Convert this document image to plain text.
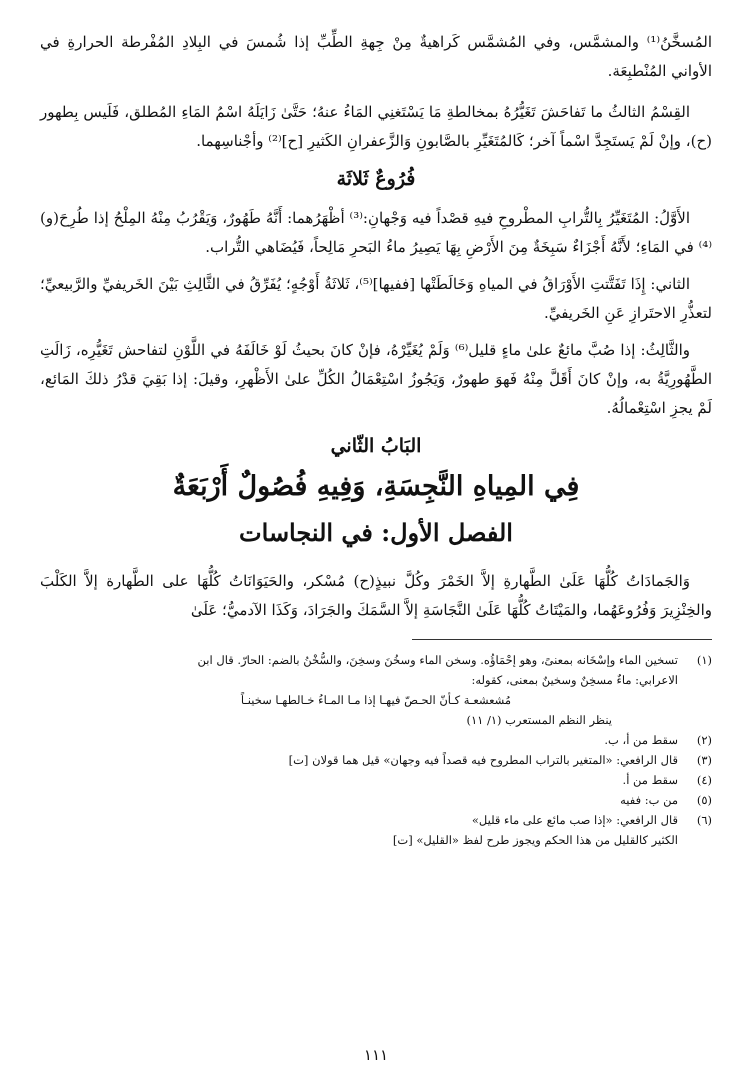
المُسخَّنُ⁽¹⁾ والمشمَّس، وفي المُشمَّس كَراهيةٌ مِنْ جِهةِ الطِّبِّ إذا شُمسَ في البِلادِ المُفْرطة الحرارةِ في الأواني المُنْطبِعَة.

القِسْمُ الثالثُ ما تَفاحَشَ تَغَيُّرُهُ بمخالطةِ مَا يَسْتَغنِي المَاءُ عنهُ؛ حَتَّىٰ زَايَلَهُ اسْمُ المَاءِ المُطلق، فَلَيس بِطهور (ح)، وإنْ لَمْ يَستَجِدَّ اسْماً آخر؛ كَالمُتَغَيِّرِ بالصَّابونِ وَالزَّعفرانِ الكَثيرِ [ح]⁽²⁾ وأجْناسِهما.

فُرُوعٌ ثَلاثَة

الأَوَّلُ: المُتَغَيِّرُ بِالتُّرابِ المطْروحِ فيهِ قصْداً فيه وَجْهانِ:⁽³⁾ أظْهَرُهما: أَنَّهُ طَهُورٌ، وَيَقْرُبُ مِنْهُ المِلْحُ إذا طُرِحَ(و)⁽⁴⁾ في المَاءِ؛ لأَنَّهُ أَجْزَاءٌ سَبِخَةٌ مِنَ الأَرْضِ بِهَا يَصِيرُ ماءُ البَحرِ مَالِحاً، فَيُضَاهي التُّراب.

الثاني: إِذَا تَفَتَّتتِ الأَوْرَاقُ في المياهِ وَخَالَطَتْها [ففيها]⁽⁵⁾، ثَلاثَةُ أَوْجُهٍ؛ يُفَرِّقُ في الثَّالِثِ بَيْنَ الخَريفيِّ والرَّبيعيِّ؛ لتعذُّرِ الاحتَرازِ عَنِ الخَريفيِّ.

والثَّالِثُ: إذا صُبَّ مائعٌ علىٰ ماءٍ قليل⁽⁶⁾ وَلَمْ يُغَيِّرْهُ، فإنْ كانَ بحيثُ لَوْ خَالَفَهُ في اللَّوْنِ لتفاحش تَغَيُّرِه، زَالَتِ الطَّهُورِيَّةُ به، وإنْ كانَ أَقَلَّ مِنْهُ فَهوَ طهورٌ، وَيَجُوزُ اسْتِعْمَالُ الكُلِّ علىٰ الأَظْهرِ، وقيلَ: إذا بَقِيَ قدْرُ ذلكَ المَائع، لَمْ يجزِ اسْتِعْمالُهُ.

البَابُ الثّاني
فِي المِياهِ النَّجِسَةِ، وَفِيهِ فُصُولٌ أَرْبَعَةٌ
الفصل الأول: في النجاسات

وَالجَمادَاتُ كُلُّهَا عَلَىٰ الطَّهارةِ إلاَّ الخَمْرَ وكُلَّ نبيذٍ(ح) مُسْكر، والحَيَوَانَاتُ كُلُّهَا على الطَّهارة إلاَّ الكَلْبَ والخِنْزِيرَ وَفُرُوعَهُما، والمَيْتَاتُ كُلُّهَا عَلَىٰ النَّجَاسَةِ إلاَّ السَّمَكَ والجَرَادَ، وَكَذَا الآدميُّ؛ عَلَىٰ

(١)
تسخين الماء وإسْخَانه بمعنىً، وهو إحْمَاؤُه. وسخن الماء وسخُنَ وسخِنَ، والسُّخْنُ بالضم: الحارّ. قال ابن
الاعرابي: ماءٌ مسخِنٌ وسخينٌ بمعنى، كقوله:
مُشعشعـة كـأنّ الحـصّ فيهـا إذا مـا المـاءُ خـالطهـا سخينـاً
ينظر النظم المستعرب (١/ ١١)
(٢)
سقط من أ، ب.
(٣)
قال الرافعي: «المتغير بالتراب المطروح فيه قصداً فيه وجهان» قيل هما قولان [ت]
(٤)
سقط من أ.
(٥)
من ب: ففيه
(٦)
قال الرافعي: «إذا صب مائع على ماء قليل»
الكثير كالقليل من هذا الحكم ويجوز طرح لفظ «القليل» [ت]
١١١
